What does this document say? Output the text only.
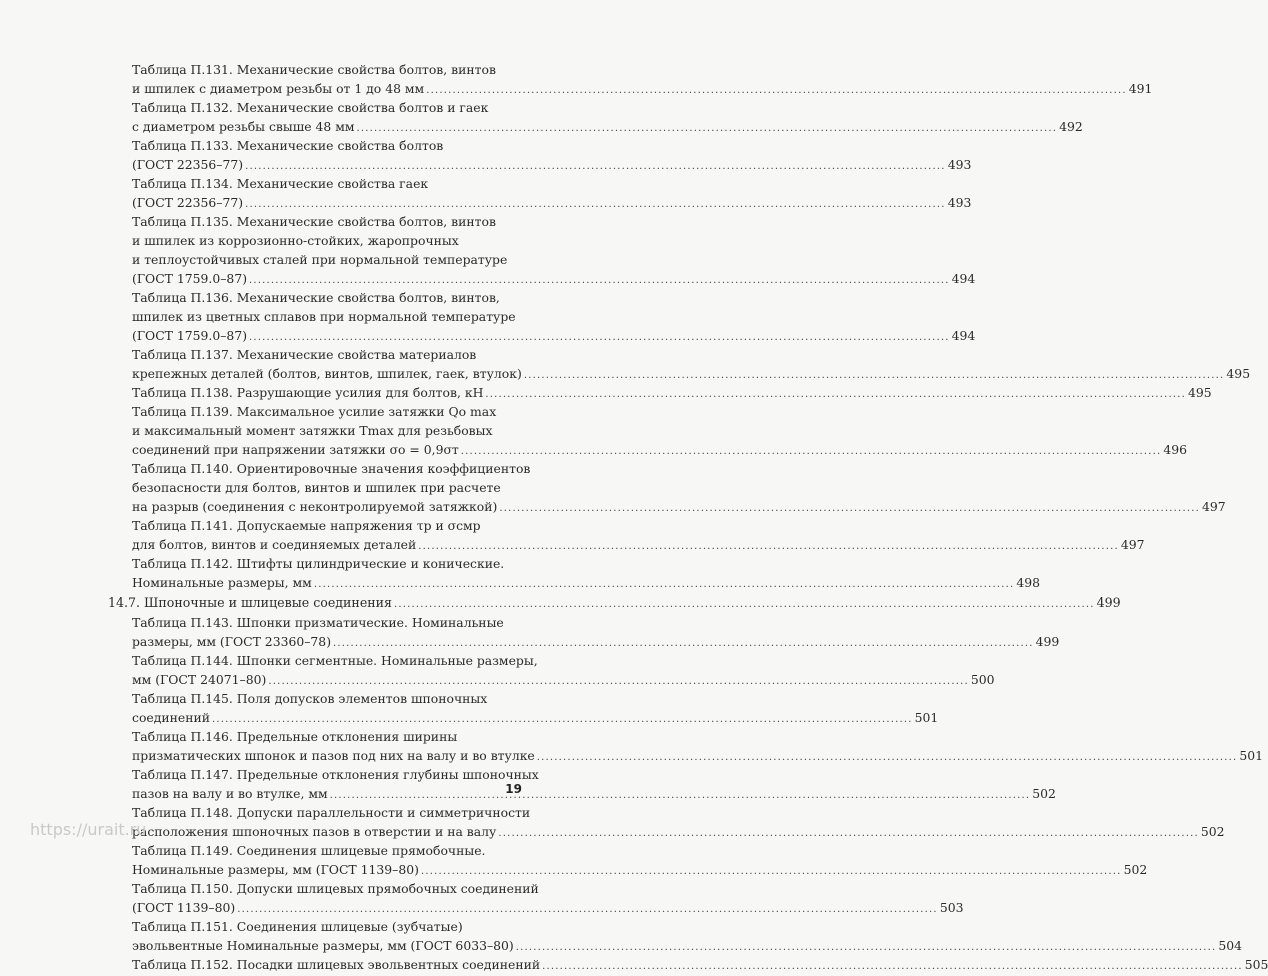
Таблица П.131. Механические свойства болтов, винтов
и шпилек с диаметром резьбы от 1 до 48 мм .....	491
Таблица П.132. Механические свойства болтов и гаек
с диаметром резьбы свыше 48 мм .....	492
Таблица П.133. Механические свойства болтов
(ГОСТ 22356–77) .....	493
Таблица П.134. Механические свойства гаек
(ГОСТ 22356–77) .....	493
Таблица П.135. Механические свойства болтов, винтов
и шпилек из коррозионно-стойких, жаропрочных
и теплоустойчивых сталей при нормальной температуре
(ГОСТ 1759.0–87) .....	494
Таблица П.136. Механические свойства болтов, винтов,
шпилек из цветных сплавов при нормальной температуре
(ГОСТ 1759.0–87) .....	494
Таблица П.137. Механические свойства материалов
крепежных деталей (болтов, винтов, шпилек, гаек, втулок) .....	495
Таблица П.138. Разрушающие усилия для болтов, кН .....	495
Таблица П.139. Максимальное усилие затяжки Qo max
и максимальный момент затяжки Tmax для резьбовых
соединений при напряжении затяжки σo = 0,9σт .....	496
Таблица П.140. Ориентировочные значения коэффициентов
безопасности для болтов, винтов и шпилек при расчете
на разрыв (соединения с неконтролируемой затяжкой) .....	497
Таблица П.141. Допускаемые напряжения τр и σсмр
для болтов, винтов и соединяемых деталей .....	497
Таблица П.142. Штифты цилиндрические и конические.
Номинальные размеры, мм .....	498
14.7. Шпоночные и шлицевые соединения .....	499
Таблица П.143. Шпонки призматические. Номинальные
размеры, мм (ГОСТ 23360–78) .....	499
Таблица П.144. Шпонки сегментные. Номинальные размеры,
мм (ГОСТ 24071–80) .....	500
Таблица П.145. Поля допусков элементов шпоночных
соединений .....	501
Таблица П.146. Предельные отклонения ширины
призматических шпонок и пазов под них на валу и во втулке .....	501
Таблица П.147. Предельные отклонения глубины шпоночных
пазов на валу и во втулке, мм .....	502
Таблица П.148. Допуски параллельности и симметричности
расположения шпоночных пазов в отверстии и на валу .....	502
Таблица П.149. Соединения шлицевые прямобочные.
Номинальные размеры, мм (ГОСТ 1139–80) .....	502
Таблица П.150. Допуски шлицевых прямобочных соединений
(ГОСТ 1139–80) .....	503
Таблица П.151. Соединения шлицевые (зубчатые)
эвольвентные Номинальные размеры, мм (ГОСТ 6033–80) .....	504
Таблица П.152. Посадки шлицевых эвольвентных соединений .....	505
19
https://urait.ru
